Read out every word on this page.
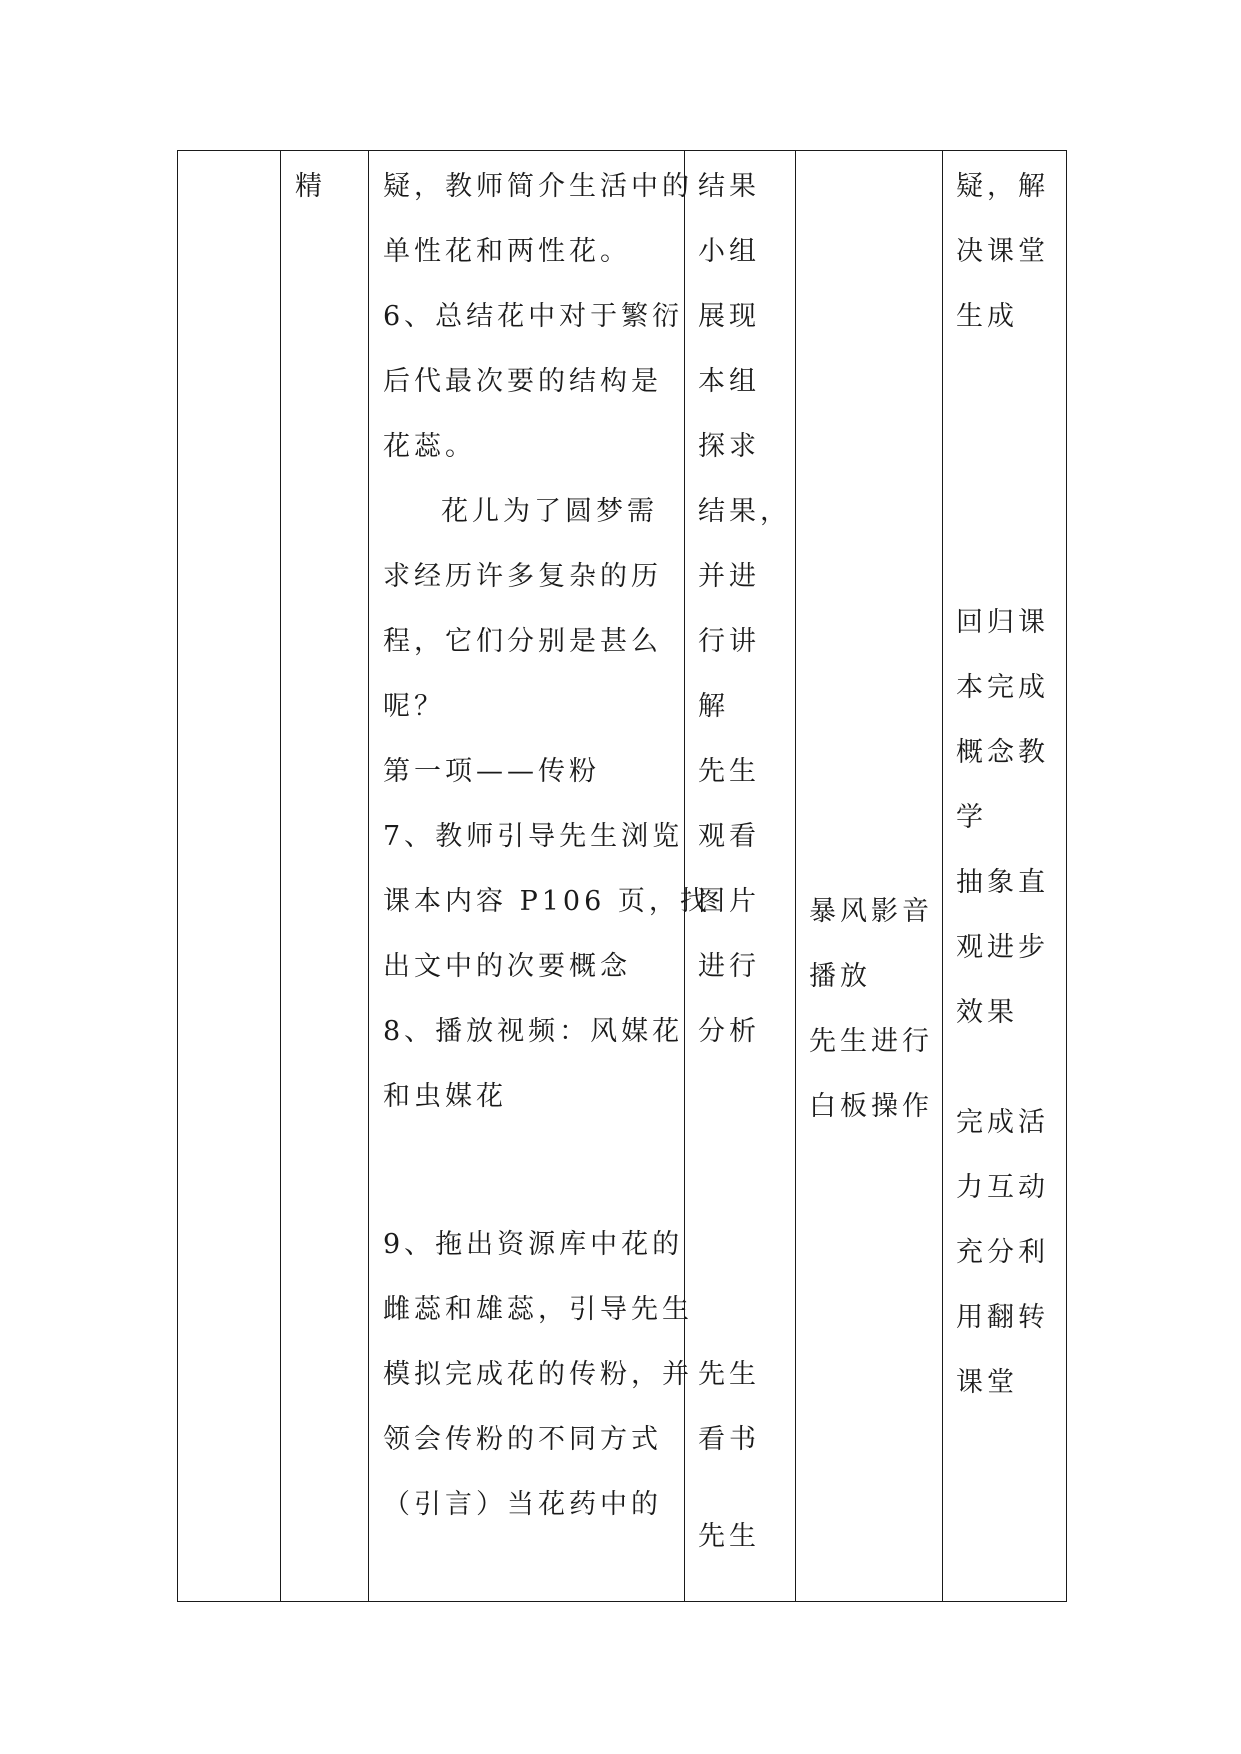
精 疑，教师简介生活中的
单性花和两性花。
6、总结花中对于繁衍
后代最次要的结构是
花蕊。
花儿为了圆梦需
求经历许多复杂的历
程，它们分别是甚么
呢？
第一项——传粉
7、教师引导先生浏览
课本内容 P106 页，找
出文中的次要概念
8、播放视频：风媒花
和虫媒花
9、拖出资源库中花的
雌蕊和雄蕊，引导先生
模拟完成花的传粉，并
领会传粉的不同方式
（引言）当花药中的
结果
小组
展现
本组
探求
结果，
并进
行讲
解
先生
观看
图片
进行
分析
先生
看书
先生
暴风影音
播放
先生进行
白板操作
疑，解
决课堂
生成
回归课
本完成
概念教
学
抽象直
观进步
效果
完成活
力互动
充分利
用翻转
课堂
